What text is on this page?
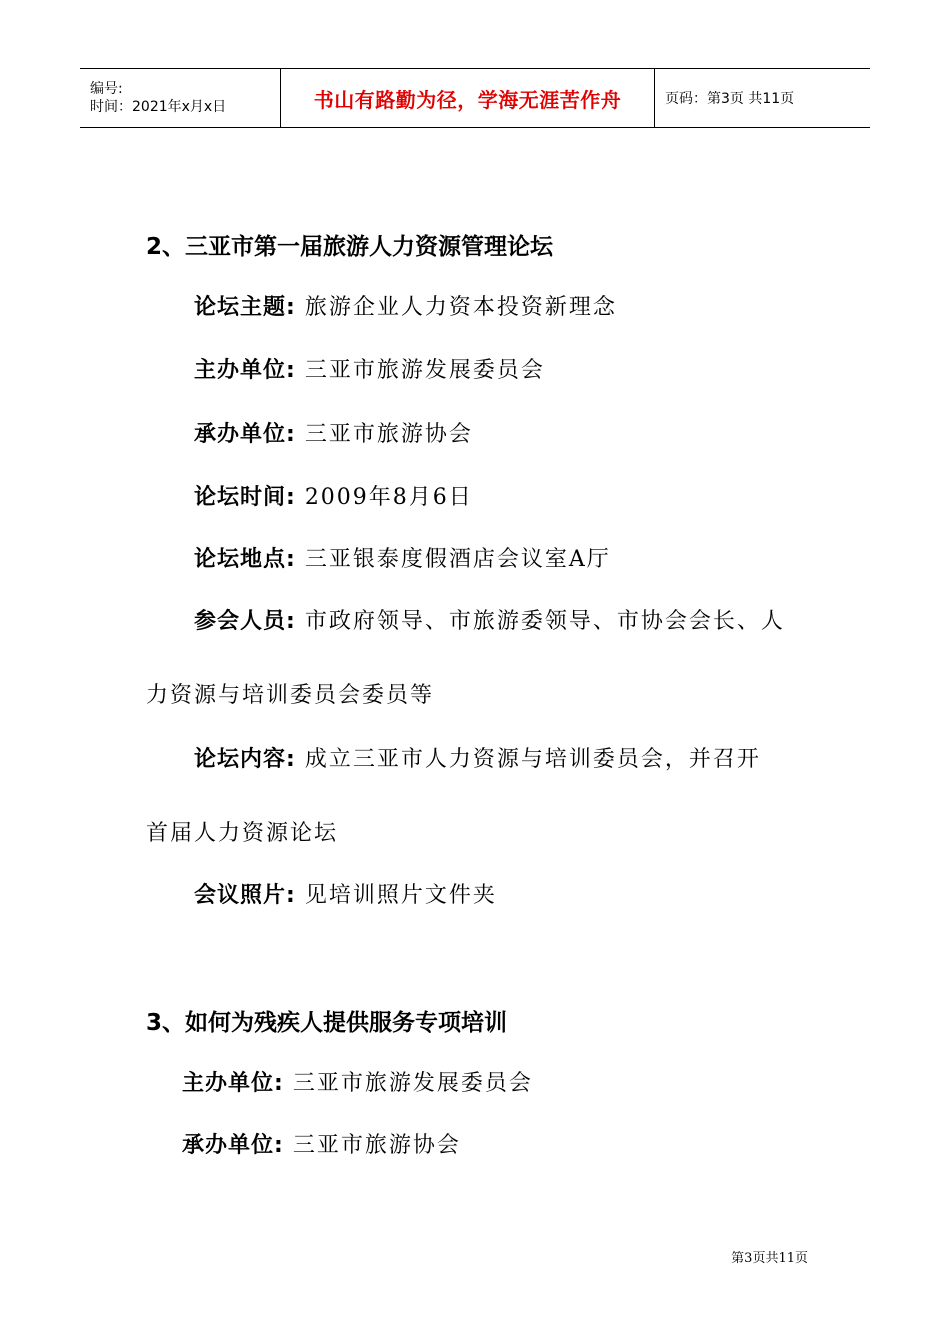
编号:
时间：2021年x月x日	书山有路勤为径，学海无涯苦作舟	页码：第3页 共11页
2、三亚市第一届旅游人力资源管理论坛
论坛主题: 旅游企业人力资本投资新理念
主办单位: 三亚市旅游发展委员会
承办单位: 三亚市旅游协会
论坛时间: 2009年8月6日
论坛地点: 三亚银泰度假酒店会议室A厅
参会人员: 市政府领导、市旅游委领导、市协会会长、人
力资源与培训委员会委员等
论坛内容: 成立三亚市人力资源与培训委员会，并召开
首届人力资源论坛
会议照片: 见培训照片文件夹
3、如何为残疾人提供服务专项培训
主办单位: 三亚市旅游发展委员会
承办单位: 三亚市旅游协会
第3页共11页
